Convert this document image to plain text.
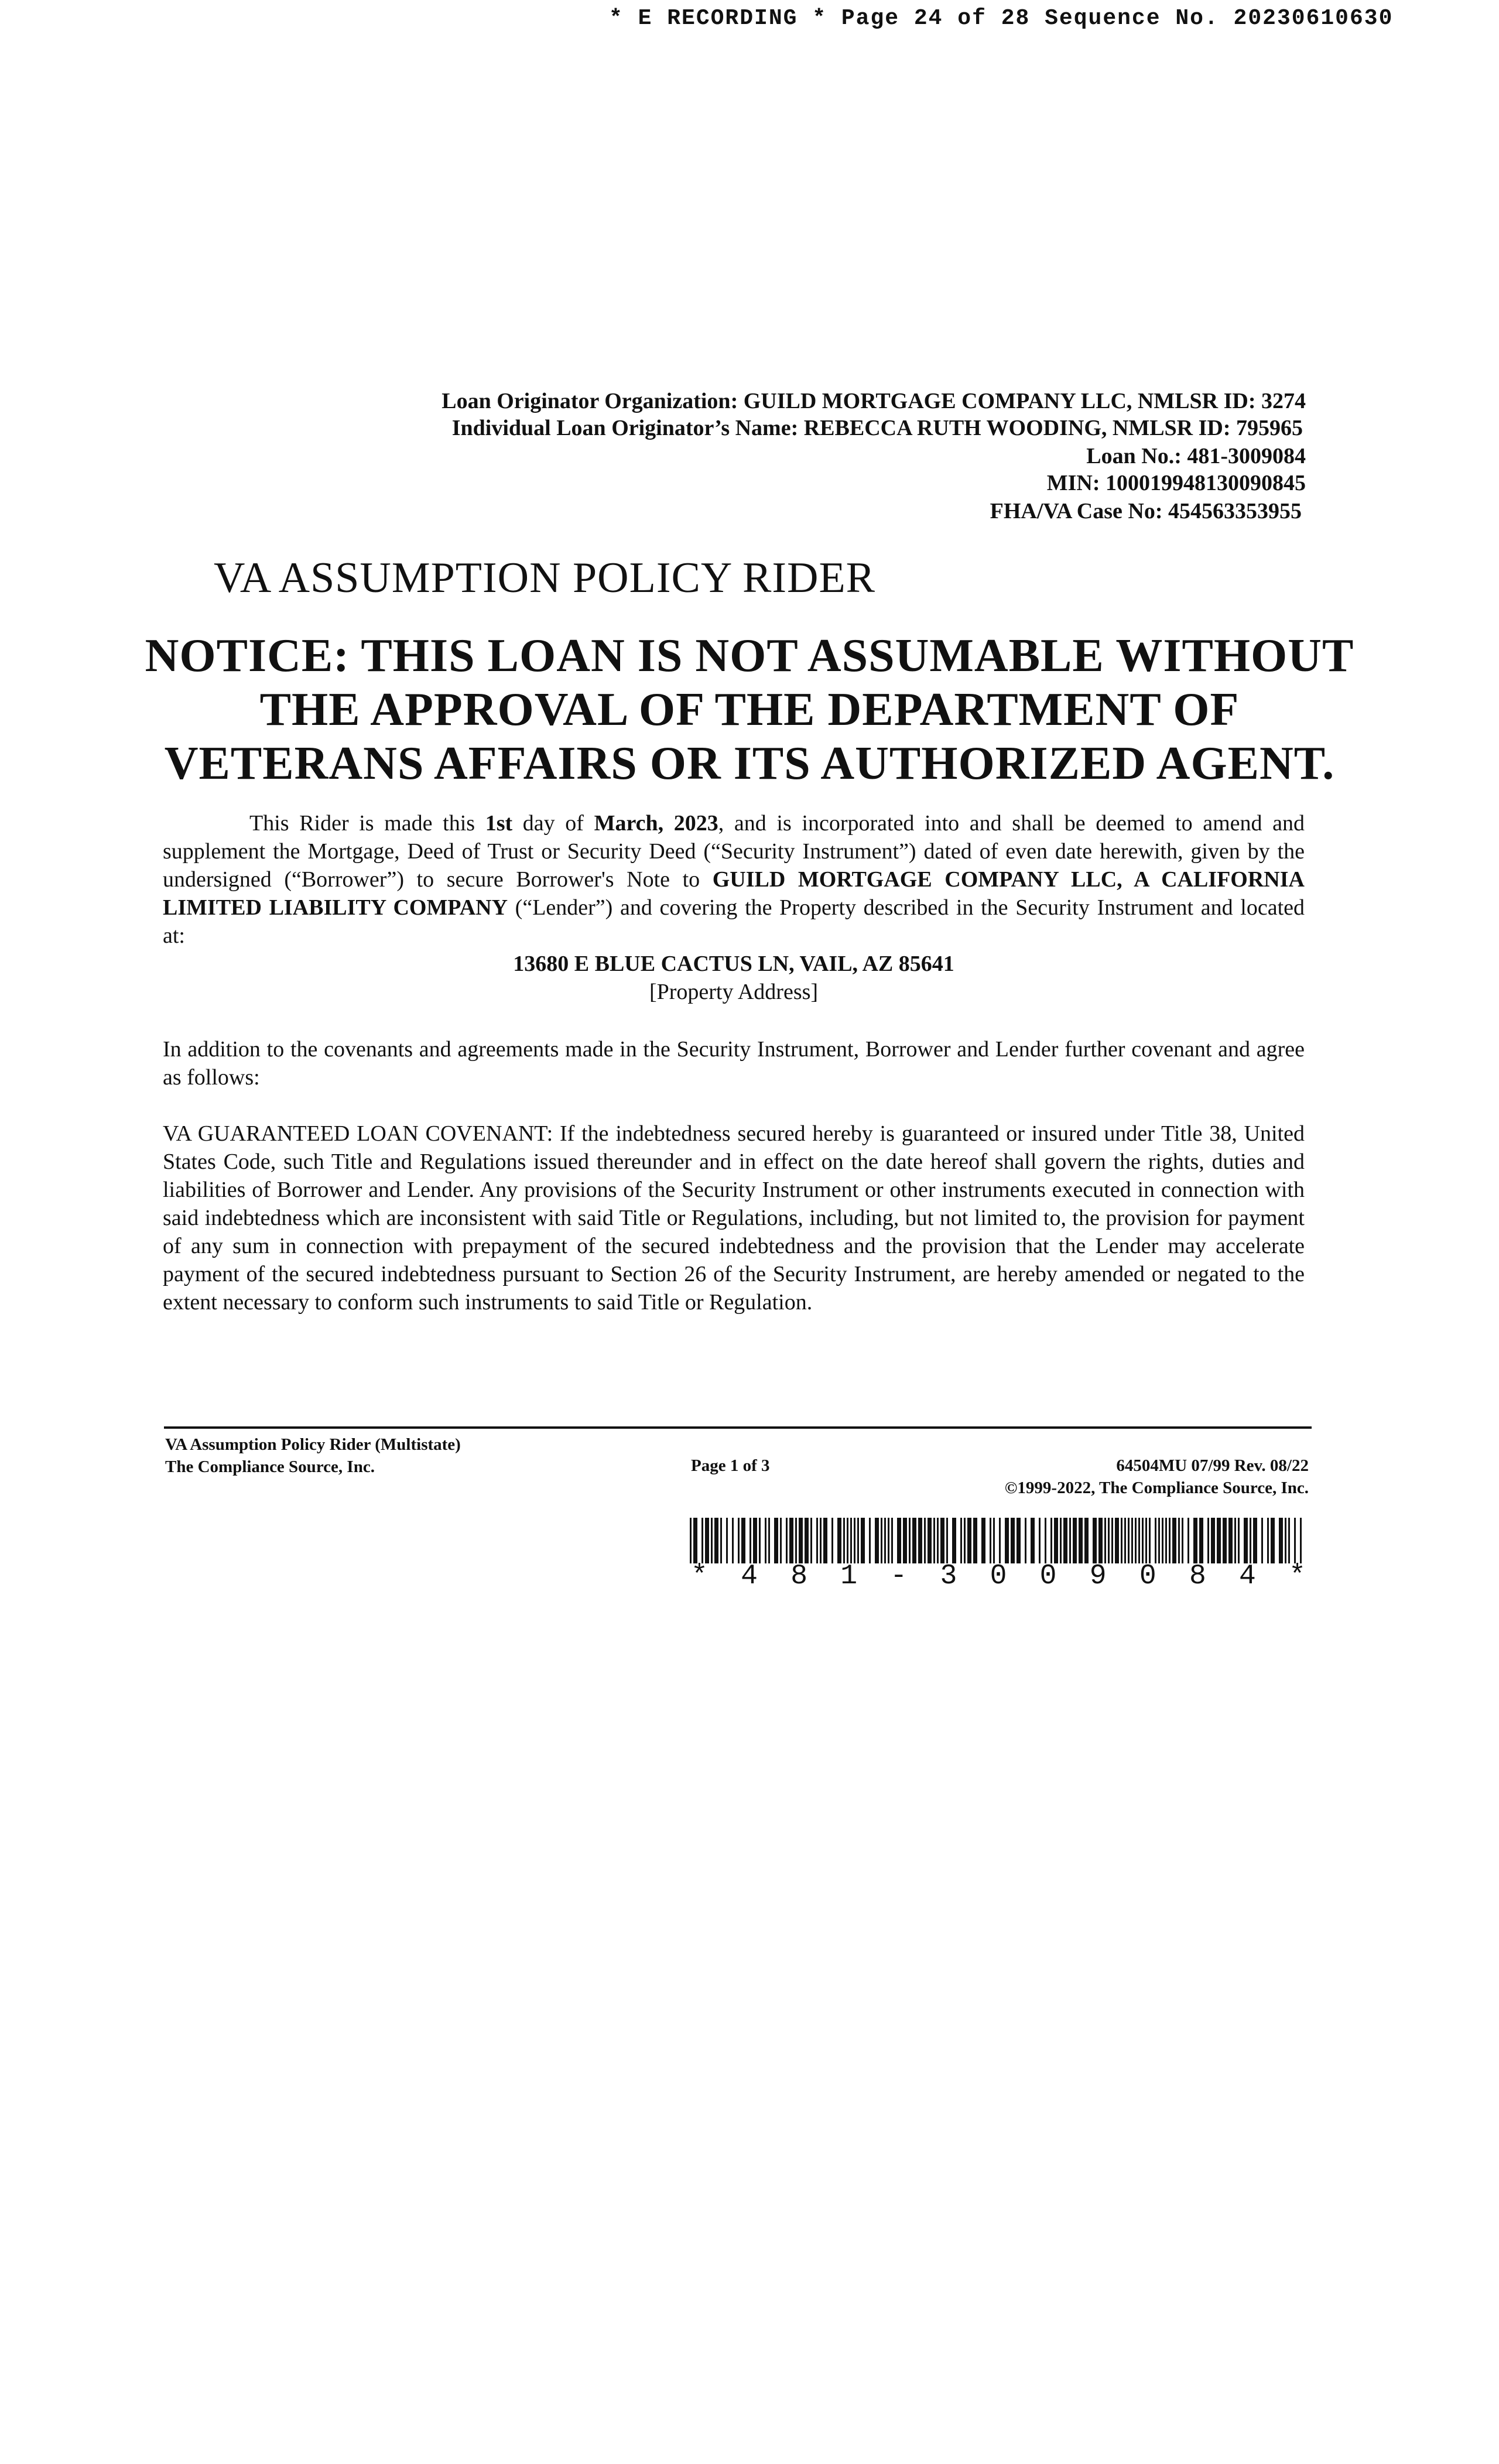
* E RECORDING * Page 24 of 28 Sequence No. 20230610630
Loan Originator Organization: GUILD MORTGAGE COMPANY LLC, NMLSR ID: 3274
Individual Loan Originator’s Name: REBECCA RUTH WOODING, NMLSR ID: 795965
Loan No.: 481-3009084
MIN: 100019948130090845
FHA/VA Case No: 454563353955
VA ASSUMPTION POLICY RIDER
NOTICE: THIS LOAN IS NOT ASSUMABLE WITHOUT
THE APPROVAL OF THE DEPARTMENT OF
VETERANS AFFAIRS OR ITS AUTHORIZED AGENT.
This Rider is made this 1st day of March, 2023, and is incorporated into and shall be deemed to amend and supplement the Mortgage, Deed of Trust or Security Deed (“Security Instrument”) dated of even date herewith, given by the undersigned (“Borrower”) to secure Borrower's Note to GUILD MORTGAGE COMPANY LLC, A CALIFORNIA LIMITED LIABILITY COMPANY (“Lender”) and covering the Property described in the Security Instrument and located at:
13680 E BLUE CACTUS LN, VAIL, AZ 85641
[Property Address]
In addition to the covenants and agreements made in the Security Instrument, Borrower and Lender further covenant and agree as follows:
VA GUARANTEED LOAN COVENANT: If the indebtedness secured hereby is guaranteed or insured under Title 38, United States Code, such Title and Regulations issued thereunder and in effect on the date hereof shall govern the rights, duties and liabilities of Borrower and Lender. Any provisions of the Security Instrument or other instruments executed in connection with said indebtedness which are inconsistent with said Title or Regulations, including, but not limited to, the provision for payment of any sum in connection with prepayment of the secured indebtedness and the provision that the Lender may accelerate payment of the secured indebtedness pursuant to Section 26 of the Security Instrument, are hereby amended or negated to the extent necessary to conform such instruments to said Title or Regulation.
VA Assumption Policy Rider (Multistate)
The Compliance Source, Inc.	Page 1 of 3	64504MU 07/99 Rev. 08/22
©1999-2022, The Compliance Source, Inc.
* 4 8 1 - 3 0 0 9 0 8 4 *
